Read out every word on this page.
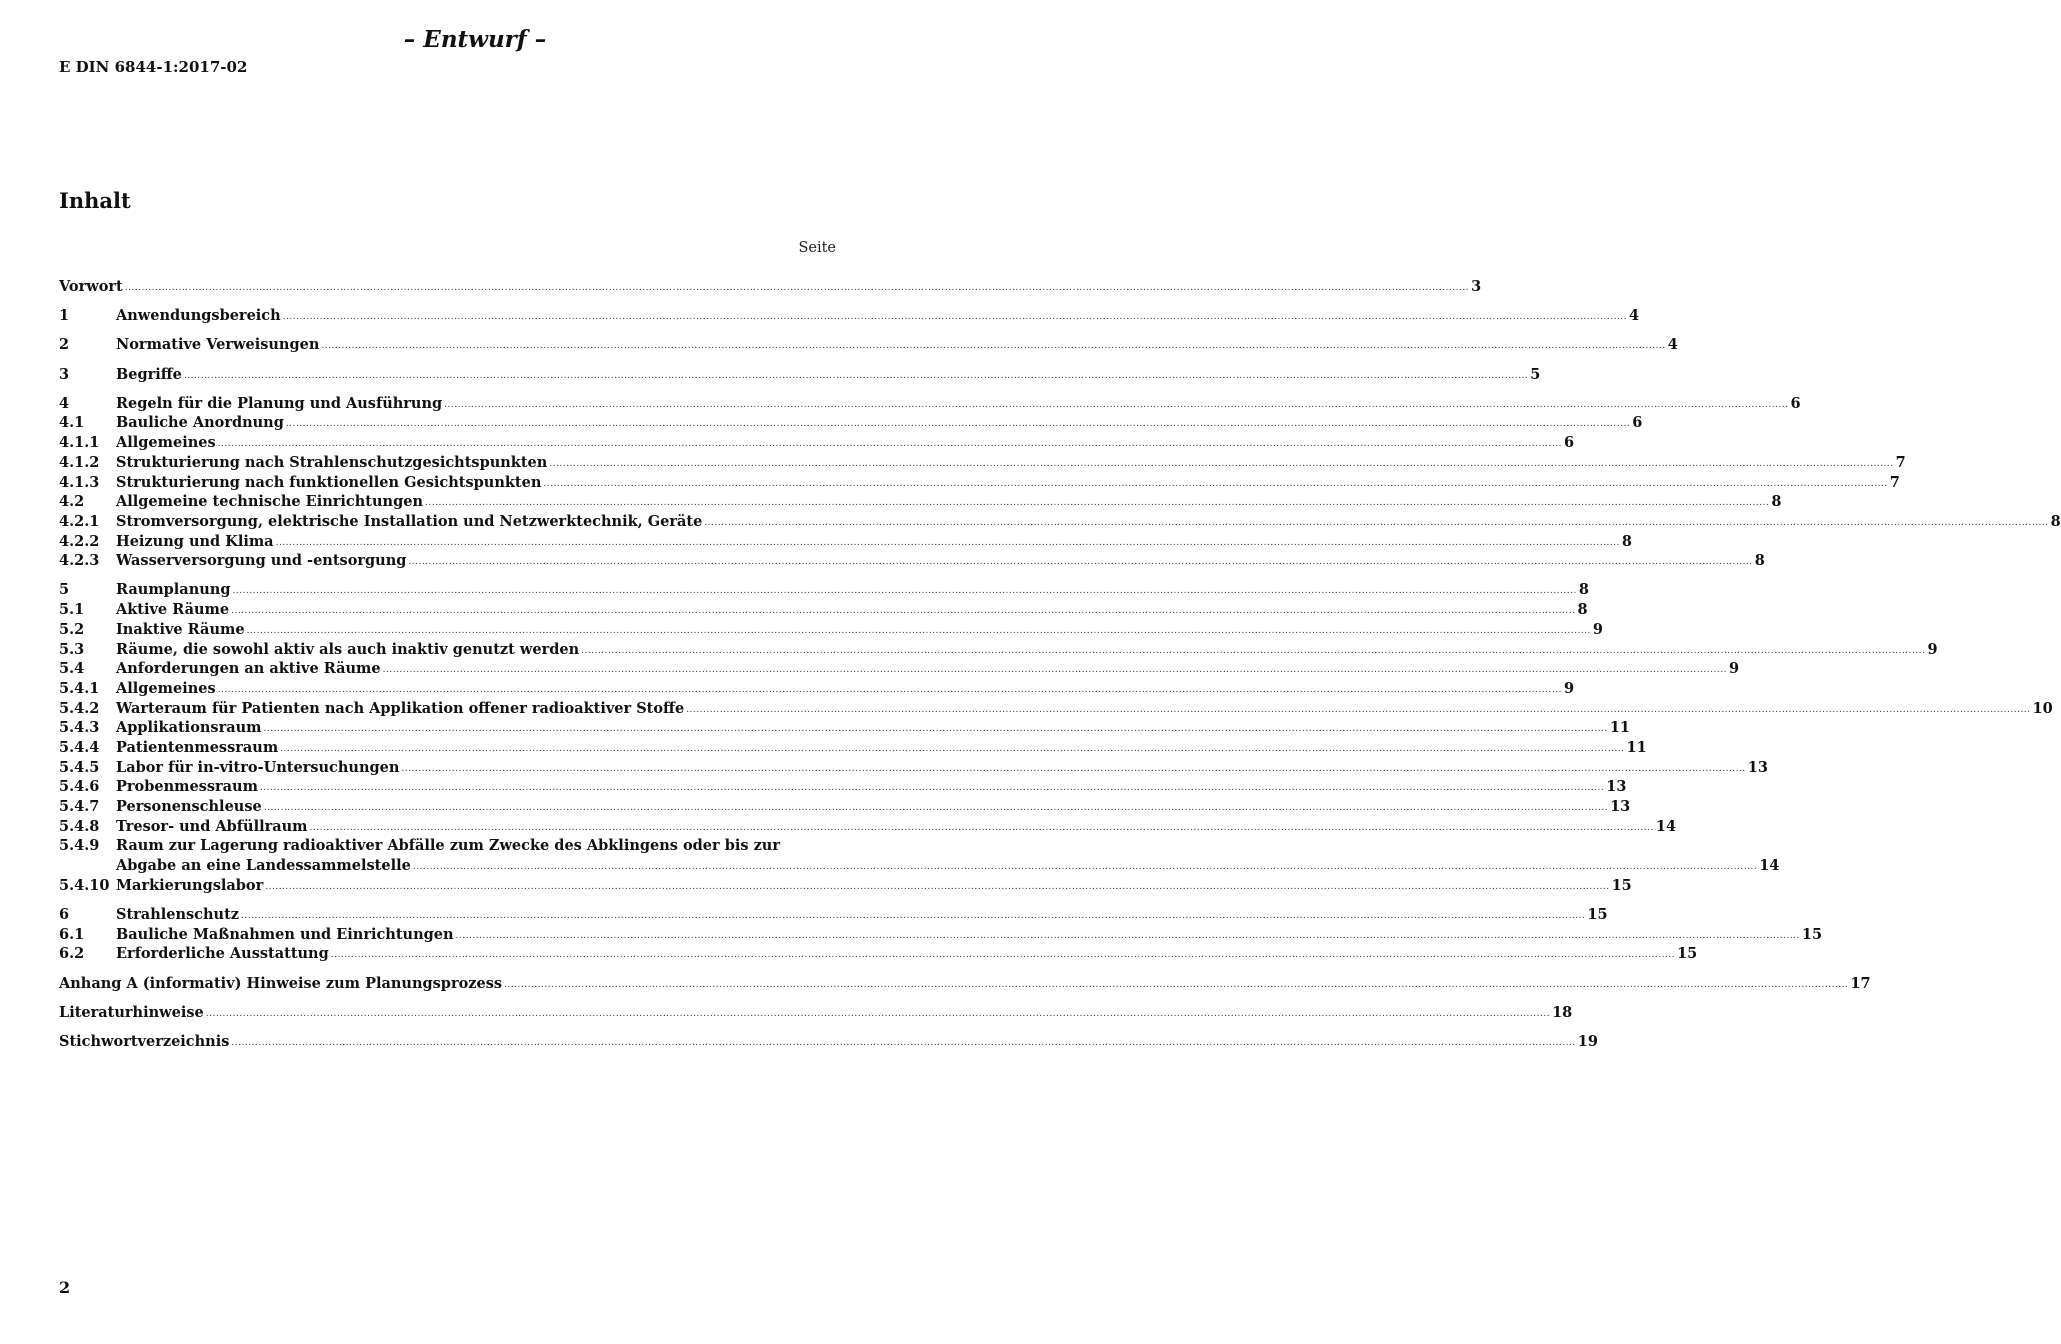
– Entwurf –
E DIN 6844-1:2017-02
Inhalt
Seite
Vorwort ................................................................................................................................................................................................................................................................................................................................................................................................................ 3
1	Anwendungsbereich ................................................................................................................................................................................................................................................................................................................................................................................................................ 4
2	Normative Verweisungen ................................................................................................................................................................................................................................................................................................................................................................................................................ 4
3	Begriffe ................................................................................................................................................................................................................................................................................................................................................................................................................ 5
4	Regeln für die Planung und Ausführung ................................................................................................................................................................................................................................................................................................................................................................................................................ 6
4.1	Bauliche Anordnung ................................................................................................................................................................................................................................................................................................................................................................................................................ 6
4.1.1	Allgemeines ................................................................................................................................................................................................................................................................................................................................................................................................................ 6
4.1.2	Strukturierung nach Strahlenschutzgesichtspunkten ................................................................................................................................................................................................................................................................................................................................................................................................................ 7
4.1.3	Strukturierung nach funktionellen Gesichtspunkten ................................................................................................................................................................................................................................................................................................................................................................................................................ 7
4.2	Allgemeine technische Einrichtungen ................................................................................................................................................................................................................................................................................................................................................................................................................ 8
4.2.1	Stromversorgung, elektrische Installation und Netzwerktechnik, Geräte ................................................................................................................................................................................................................................................................................................................................................................................................................ 8
4.2.2	Heizung und Klima ................................................................................................................................................................................................................................................................................................................................................................................................................ 8
4.2.3	Wasserversorgung und -entsorgung ................................................................................................................................................................................................................................................................................................................................................................................................................ 8
5	Raumplanung ................................................................................................................................................................................................................................................................................................................................................................................................................ 8
5.1	Aktive Räume ................................................................................................................................................................................................................................................................................................................................................................................................................ 8
5.2	Inaktive Räume ................................................................................................................................................................................................................................................................................................................................................................................................................ 9
5.3	Räume, die sowohl aktiv als auch inaktiv genutzt werden ................................................................................................................................................................................................................................................................................................................................................................................................................ 9
5.4	Anforderungen an aktive Räume ................................................................................................................................................................................................................................................................................................................................................................................................................ 9
5.4.1	Allgemeines ................................................................................................................................................................................................................................................................................................................................................................................................................ 9
5.4.2	Warteraum für Patienten nach Applikation offener radioaktiver Stoffe ................................................................................................................................................................................................................................................................................................................................................................................................................ 10
5.4.3	Applikationsraum ................................................................................................................................................................................................................................................................................................................................................................................................................ 11
5.4.4	Patientenmessraum ................................................................................................................................................................................................................................................................................................................................................................................................................ 11
5.4.5	Labor für in-vitro-Untersuchungen ................................................................................................................................................................................................................................................................................................................................................................................................................ 13
5.4.6	Probenmessraum ................................................................................................................................................................................................................................................................................................................................................................................................................ 13
5.4.7	Personenschleuse ................................................................................................................................................................................................................................................................................................................................................................................................................ 13
5.4.8	Tresor- und Abfüllraum ................................................................................................................................................................................................................................................................................................................................................................................................................ 14
5.4.9	Raum zur Lagerung radioaktiver Abfälle zum Zwecke des Abklingens oder bis zur
Abgabe an eine Landessammelstelle ................................................................................................................................................................................................................................................................................................................................................................................................................ 14
5.4.10 Markierungslabor ................................................................................................................................................................................................................................................................................................................................................................................................................ 15
6	Strahlenschutz ................................................................................................................................................................................................................................................................................................................................................................................................................ 15
6.1	Bauliche Maßnahmen und Einrichtungen ................................................................................................................................................................................................................................................................................................................................................................................................................ 15
6.2	Erforderliche Ausstattung ................................................................................................................................................................................................................................................................................................................................................................................................................ 15
Anhang A (informativ) Hinweise zum Planungsprozess ................................................................................................................................................................................................................................................................................................................................................................................................................ 17
Literaturhinweise ................................................................................................................................................................................................................................................................................................................................................................................................................ 18
Stichwortverzeichnis ................................................................................................................................................................................................................................................................................................................................................................................................................ 19
2
